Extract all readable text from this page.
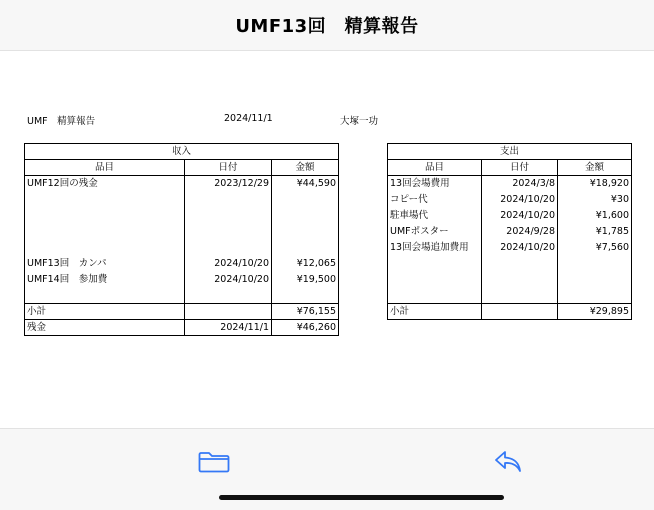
UMF13回　精算報告
UMF　精算報告	2024/11/1	大塚一功
収入		
品目	日付	金額
UMF12回の残金	2023/12/29	¥44,590

UMF13回　カンパ	2024/10/20	¥12,065
UMF14回　参加費	2024/10/20	¥19,500

小計		¥76,155
残金	2024/11/1	¥46,260
支出		
品目	日付	金額
13回会場費用	2024/3/8	¥18,920
コピー代	2024/10/20	¥30
駐車場代	2024/10/20	¥1,600
UMFポスター	2024/9/28	¥1,785
13回会場追加費用	2024/10/20	¥7,560

小計		¥29,895
